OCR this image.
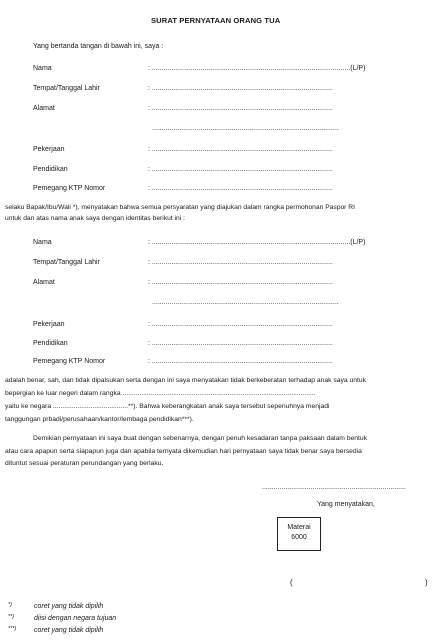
SURAT PERNYATAAN ORANG TUA
Yang bertanda tangan di bawah ini, saya :
Nama	: ......................................................................................................(L/P)
Tempat/Tanggal Lahir	: .............................................................................................
Alamat	: .............................................................................................
................................................................................................
Pekerjaan	: .............................................................................................
Pendidikan	: .............................................................................................
Pemegang KTP Nomor	: .............................................................................................
selaku Bapak/Ibu/Wali *), menyatakan bahwa semua persyaratan yang diajukan dalam rangka permohonan Paspor RI
untuk dan atas nama anak saya dengan identitas berikut ini :
Nama	: ......................................................................................................(L/P)
Tempat/Tanggal Lahir	: .............................................................................................
Alamat	: .............................................................................................
................................................................................................
Pekerjaan	: .............................................................................................
Pendidikan	: .............................................................................................
Pemegang KTP Nomor	: .............................................................................................
adalah benar, sah, dan tidak dipalsukan serta dengan ini saya menyatakan tidak berkeberatan terhadap anak saya untuk
bepergian ke luar negeri dalam rangka .......................................................................................................
yaitu ke negara ........................................**). Bahwa keberangkatan anak saya tersebut sepenuhnya menjadi
tanggungan prbadi/perusahaan/kantor/lembaga pendidikan***).
Demikian pernyataan ini saya buat dengan sebenarnya, dengan penuh kesadaran tanpa paksaan dalam bentuk
atau cara apapun serta siapapun juga dan apabila ternyata dikemudian hari pernyataan saya tidak benar saya bersedia
dituntut sesuai peraturan perundangan yang berlaku.
..........................................................................
Yang menyatakan,
Materai
6000
(	)
*)	coret yang tidak dipilih
**)	diisi dengan negara tujuan
***)	coret yang tidak dipilih
